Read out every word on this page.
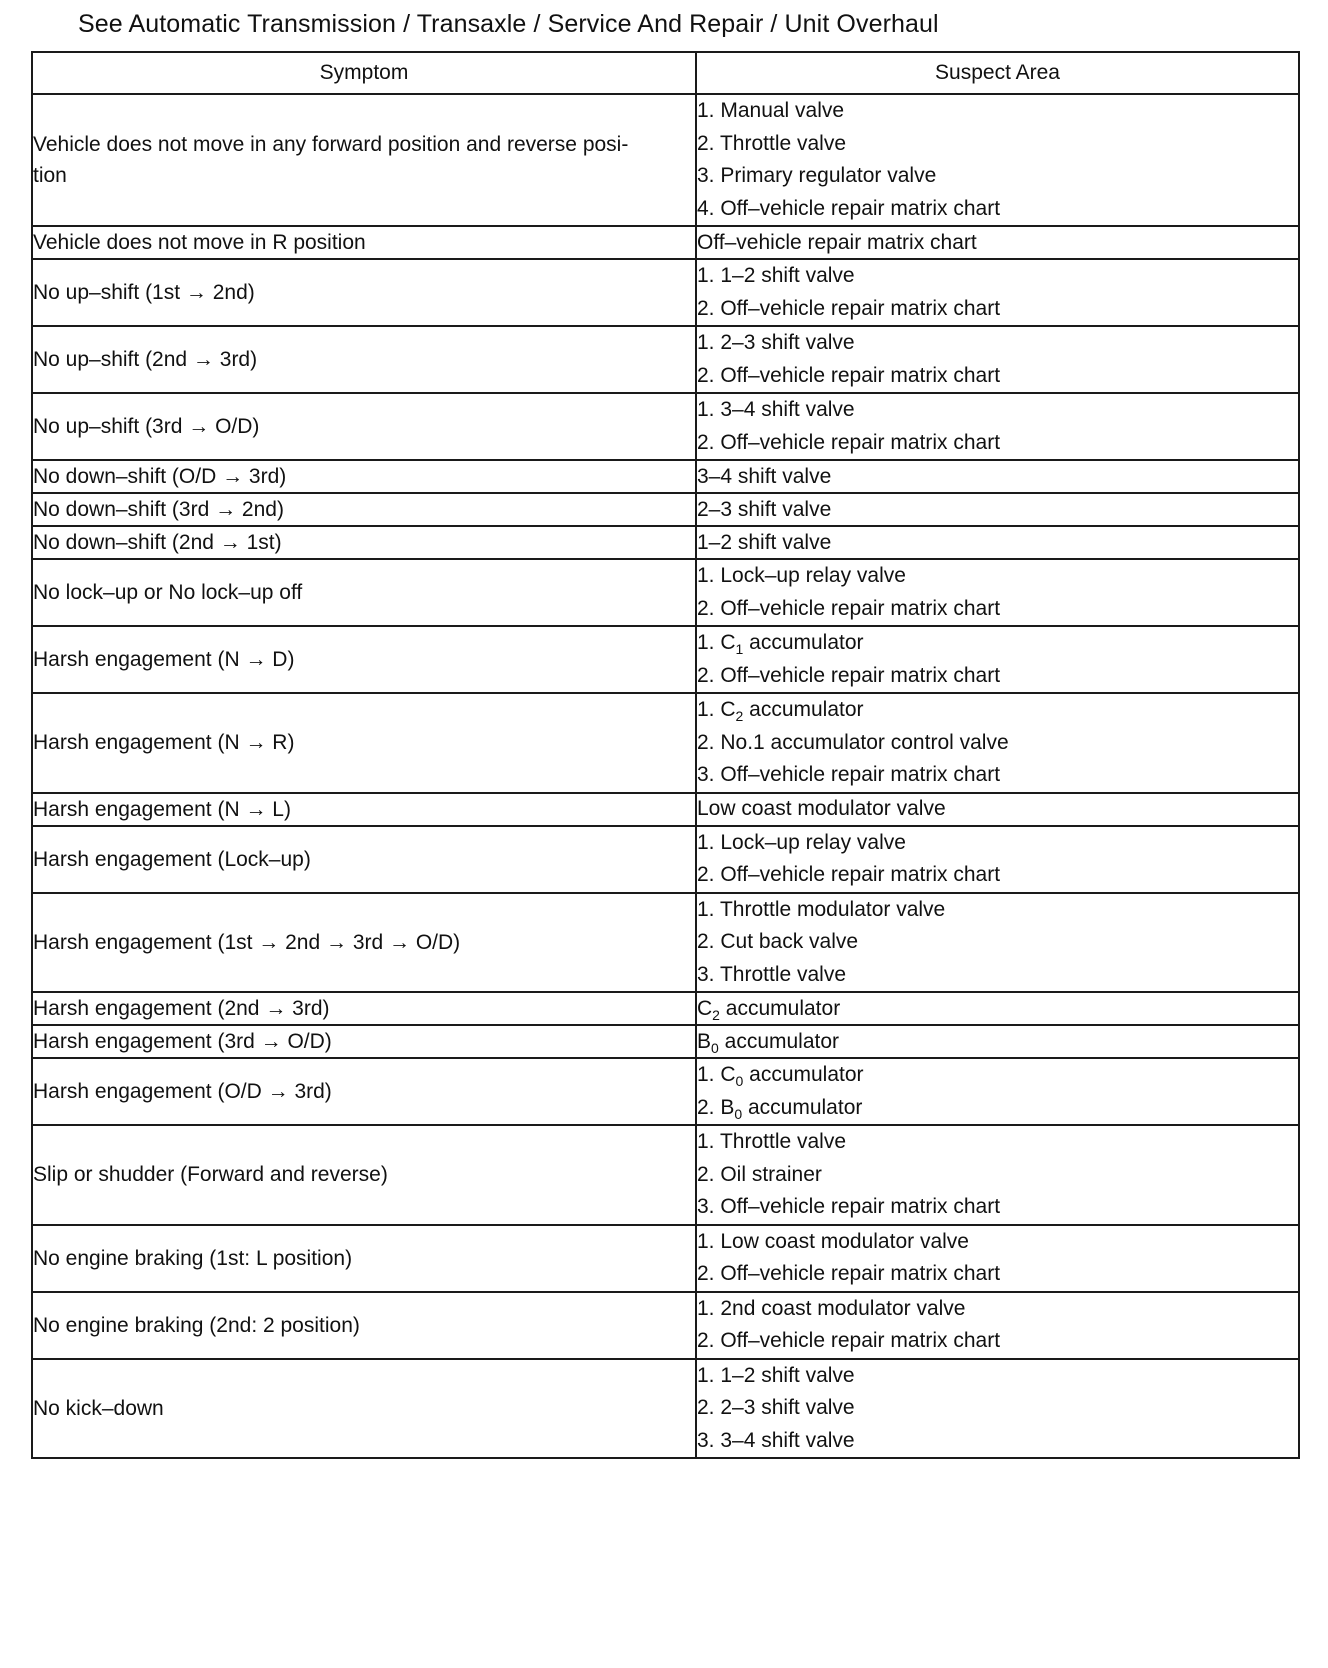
See Automatic Transmission / Transaxle / Service And Repair / Unit Overhaul
Symptom	Suspect Area
Vehicle does not move in any forward position and reverse posi-
tion	1. Manual valve
2. Throttle valve
3. Primary regulator valve
4. Off–vehicle repair matrix chart

Vehicle does not move in R position	Off–vehicle repair matrix chart

No up–shift (1st → 2nd)	1. 1–2 shift valve
2. Off–vehicle repair matrix chart

No up–shift (2nd → 3rd)	1. 2–3 shift valve
2. Off–vehicle repair matrix chart

No up–shift (3rd → O/D)	1. 3–4 shift valve
2. Off–vehicle repair matrix chart

No down–shift (O/D → 3rd)	3–4 shift valve

No down–shift (3rd → 2nd)	2–3 shift valve

No down–shift (2nd → 1st)	1–2 shift valve

No lock–up or No lock–up off	1. Lock–up relay valve
2. Off–vehicle repair matrix chart

Harsh engagement (N → D)	1. $C_1$ accumulator
2. Off–vehicle repair matrix chart

Harsh engagement (N → R)	1. $C_2$ accumulator
2. No.1 accumulator control valve
3. Off–vehicle repair matrix chart

Harsh engagement (N → L)	Low coast modulator valve

Harsh engagement (Lock–up)	1. Lock–up relay valve
2. Off–vehicle repair matrix chart

Harsh engagement (1st → 2nd → 3rd → O/D)	1. Throttle modulator valve
2. Cut back valve
3. Throttle valve

Harsh engagement (2nd → 3rd)	$C_2$ accumulator

Harsh engagement (3rd → O/D)	$B_0$ accumulator

Harsh engagement (O/D → 3rd)	1. $C_0$ accumulator
2. $B_0$ accumulator

Slip or shudder (Forward and reverse)	1. Throttle valve
2. Oil strainer
3. Off–vehicle repair matrix chart

No engine braking (1st: L position)	1. Low coast modulator valve
2. Off–vehicle repair matrix chart

No engine braking (2nd: 2 position)	1. 2nd coast modulator valve
2. Off–vehicle repair matrix chart

No kick–down	1. 1–2 shift valve
2. 2–3 shift valve
3. 3–4 shift valve
